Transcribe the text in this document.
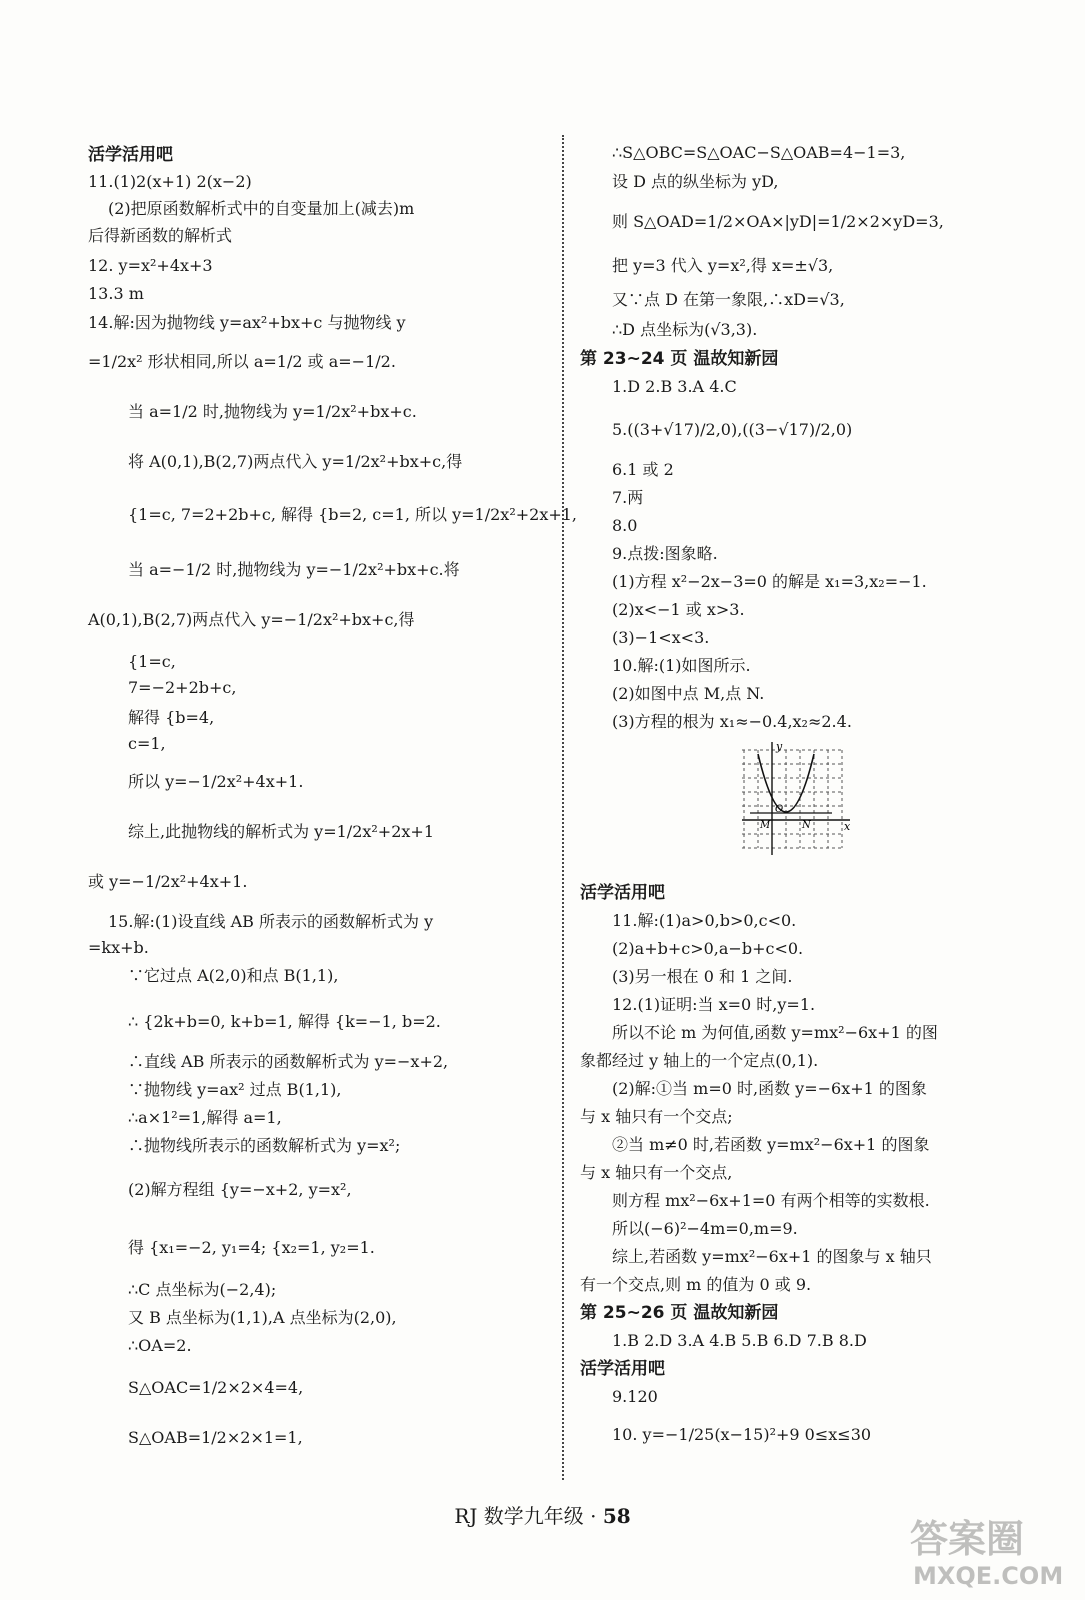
活学活用吧
11.(1)2(x+1) 2(x−2)
(2)把原函数解析式中的自变量加上(减去)m
后得新函数的解析式
12. y=x²+4x+3
13.3 m
14.解:因为抛物线 y=ax²+bx+c 与抛物线 y
=1/2x² 形状相同,所以 a=1/2 或 a=−1/2.
当 a=1/2 时,抛物线为 y=1/2x²+bx+c.
将 A(0,1),B(2,7)两点代入 y=1/2x²+bx+c,得
{1=c, 7=2+2b+c, 解得 {b=2, c=1, 所以 y=1/2x²+2x+1,
当 a=−1/2 时,抛物线为 y=−1/2x²+bx+c.将
A(0,1),B(2,7)两点代入 y=−1/2x²+bx+c,得
{1=c,
7=−2+2b+c,
解得 {b=4,
c=1,
所以 y=−1/2x²+4x+1.
综上,此抛物线的解析式为 y=1/2x²+2x+1
或 y=−1/2x²+4x+1.
15.解:(1)设直线 AB 所表示的函数解析式为 y
=kx+b.
∵它过点 A(2,0)和点 B(1,1),
∴ {2k+b=0, k+b=1, 解得 {k=−1, b=2.
∴直线 AB 所表示的函数解析式为 y=−x+2,
∵抛物线 y=ax² 过点 B(1,1),
∴a×1²=1,解得 a=1,
∴抛物线所表示的函数解析式为 y=x²;
(2)解方程组 {y=−x+2, y=x²,
得 {x₁=−2, y₁=4; {x₂=1, y₂=1.
∴C 点坐标为(−2,4);
又 B 点坐标为(1,1),A 点坐标为(2,0),
∴OA=2.
S△OAC=1/2×2×4=4,
S△OAB=1/2×2×1=1,
∴S△OBC=S△OAC−S△OAB=4−1=3,
设 D 点的纵坐标为 yD,
则 S△OAD=1/2×OA×|yD|=1/2×2×yD=3,
把 y=3 代入 y=x²,得 x=±√3,
又∵点 D 在第一象限,∴xD=√3,
∴D 点坐标为(√3,3).
第 23~24 页 温故知新园
1.D 2.B 3.A 4.C
5.((3+√17)/2,0),((3−√17)/2,0)
6.1 或 2
7.两
8.0
9.点拨:图象略.
(1)方程 x²−2x−3=0 的解是 x₁=3,x₂=−1.
(2)x<−1 或 x>3.
(3)−1<x<3.
10.解:(1)如图所示.
(2)如图中点 M,点 N.
(3)方程的根为 x₁≈−0.4,x₂≈2.4.
活学活用吧
11.解:(1)a>0,b>0,c<0.
(2)a+b+c>0,a−b+c<0.
(3)另一根在 0 和 1 之间.
12.(1)证明:当 x=0 时,y=1.
所以不论 m 为何值,函数 y=mx²−6x+1 的图
象都经过 y 轴上的一个定点(0,1).
(2)解:①当 m=0 时,函数 y=−6x+1 的图象
与 x 轴只有一个交点;
②当 m≠0 时,若函数 y=mx²−6x+1 的图象
与 x 轴只有一个交点,
则方程 mx²−6x+1=0 有两个相等的实数根.
所以(−6)²−4m=0,m=9.
综上,若函数 y=mx²−6x+1 的图象与 x 轴只
有一个交点,则 m 的值为 0 或 9.
第 25~26 页 温故知新园
1.B 2.D 3.A 4.B 5.B 6.D 7.B 8.D
活学活用吧
9.120
10. y=−1/25(x−15)²+9 0≤x≤30
y
x
O
M	N
RJ 数学九年级 · 58
答案圈
MXQE.COM
